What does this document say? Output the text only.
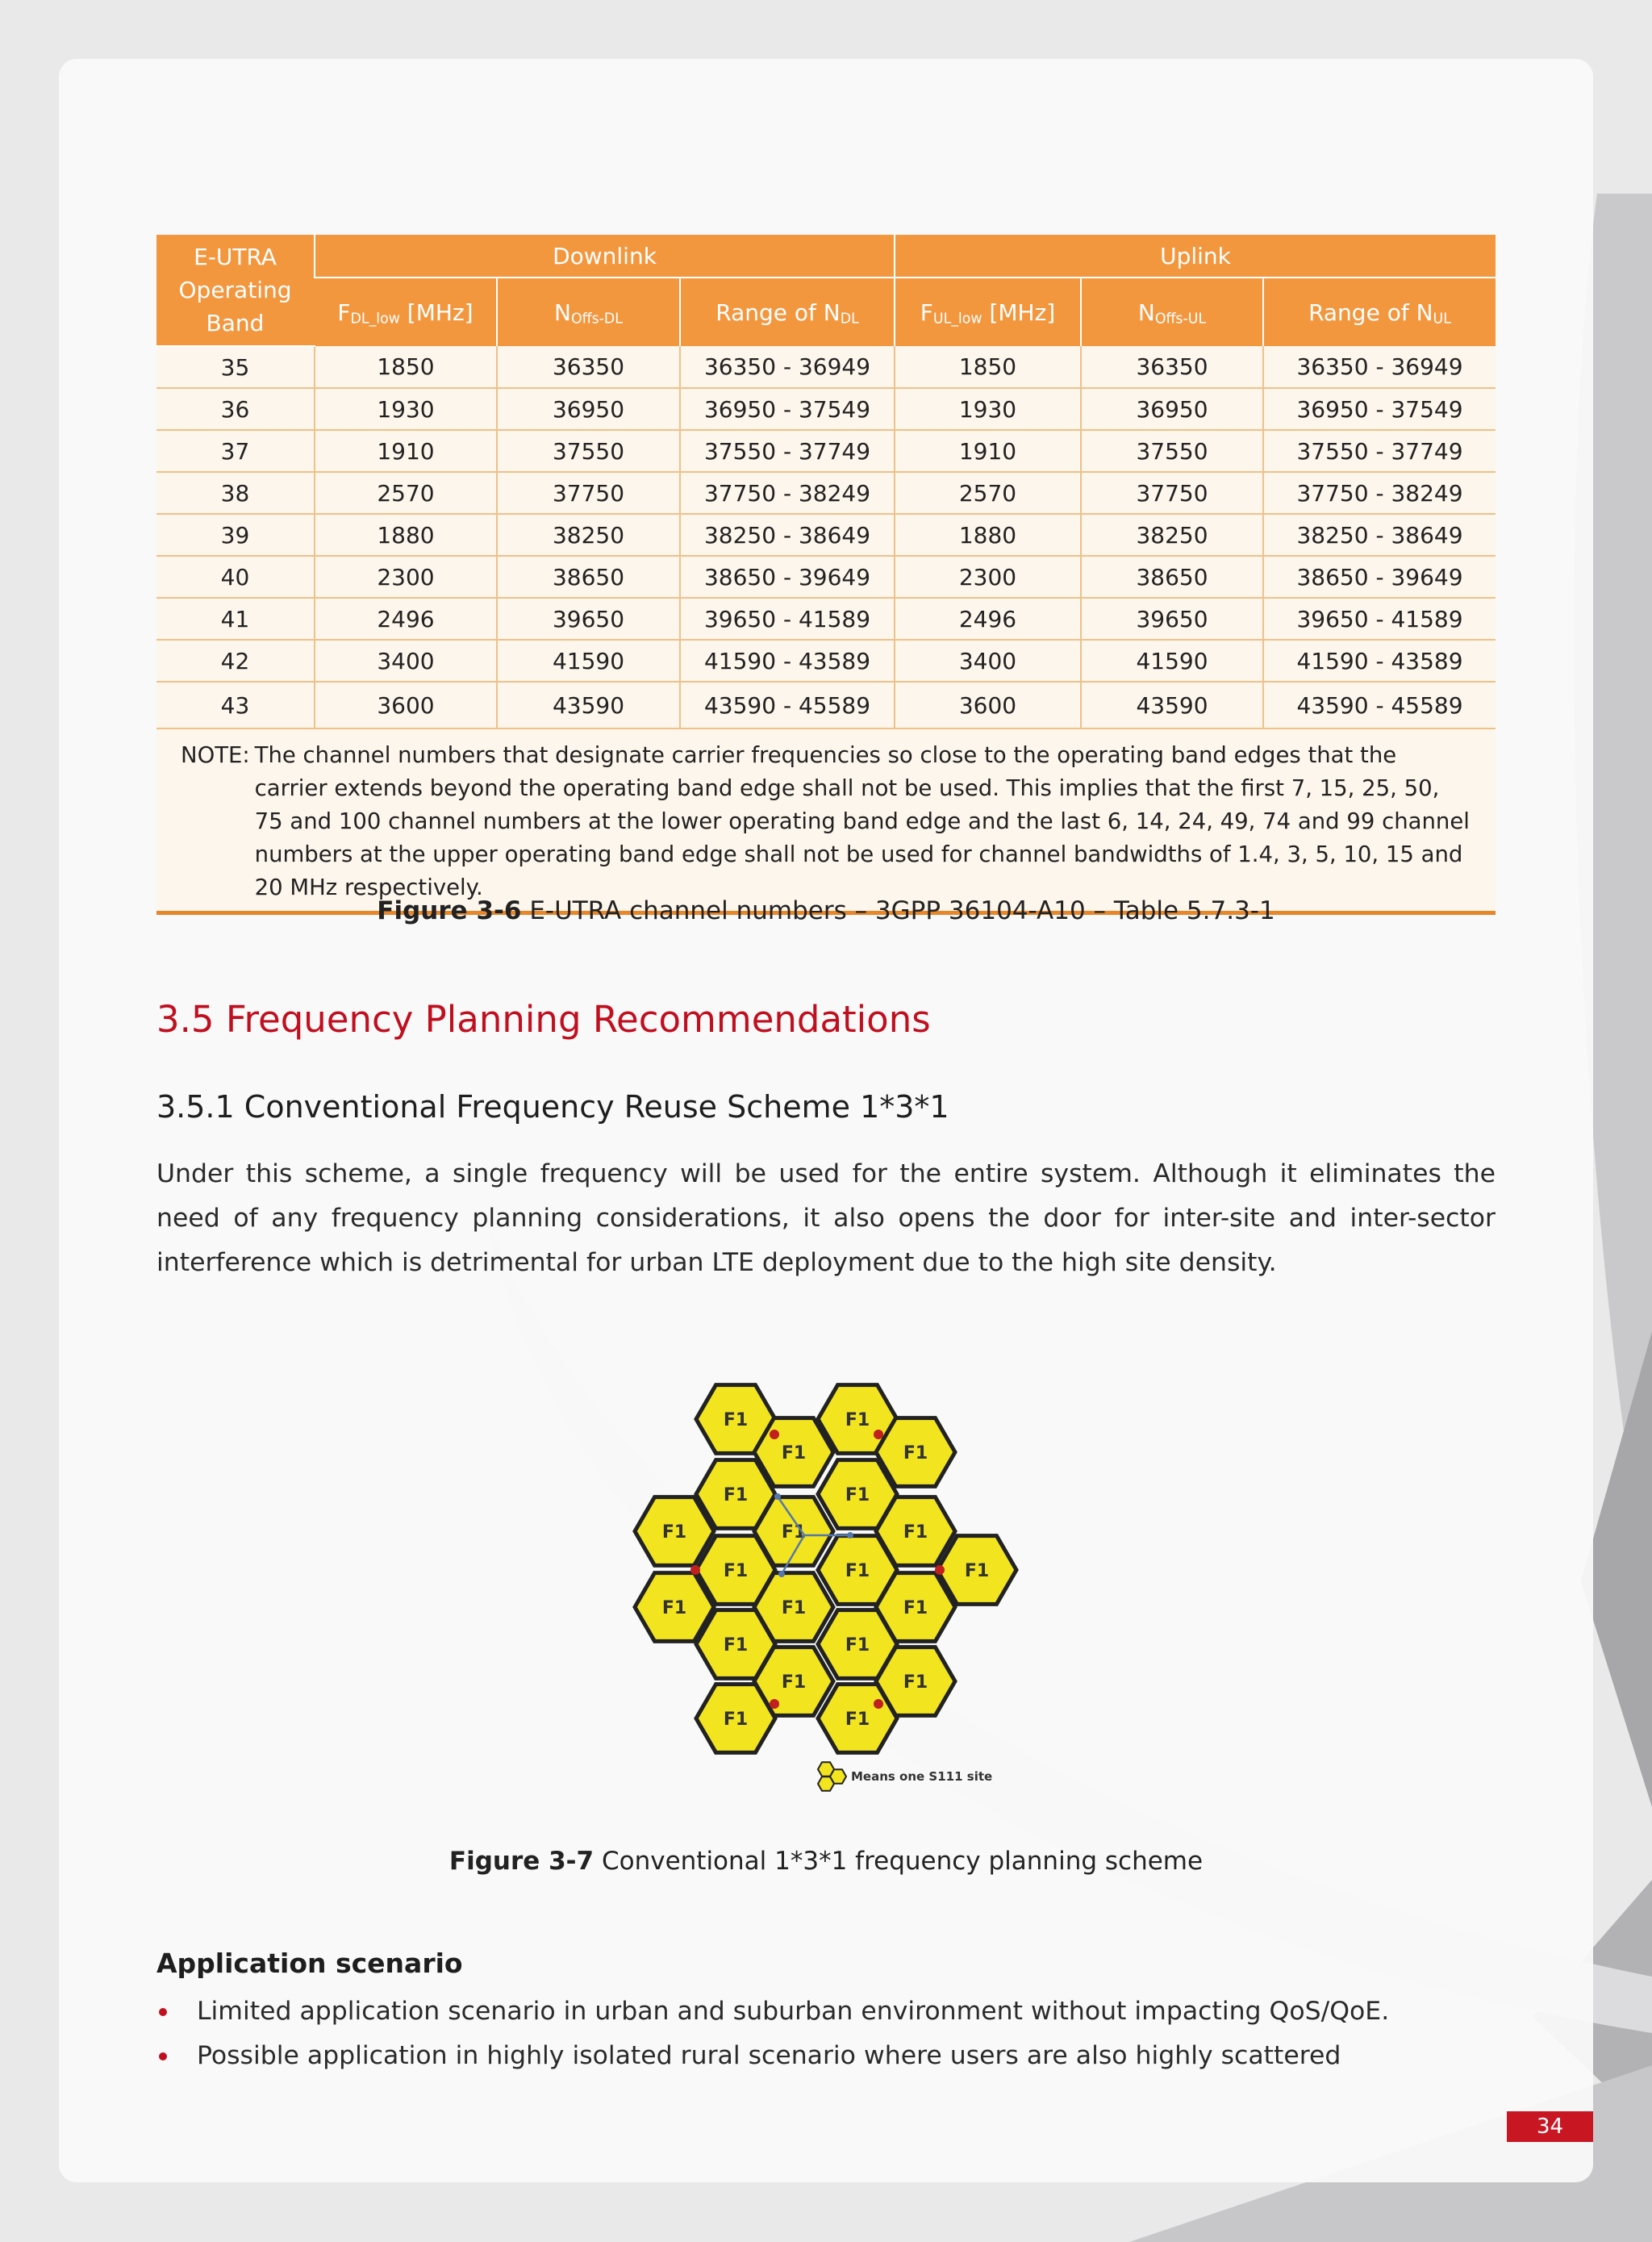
E-UTRA Operating Band	Downlink			Uplink		
	$F_{DL\_low}$ [MHz]	$N_{Offs-DL}$	Range of $N_{DL}$	$F_{UL\_low}$ [MHz]	$N_{Offs-UL}$	Range of $N_{UL}$
35	1850	36350	36350 - 36949	1850	36350	36350 - 36949
36	1930	36950	36950 - 37549	1930	36950	36950 - 37549
37	1910	37550	37550 - 37749	1910	37550	37550 - 37749
38	2570	37750	37750 - 38249	2570	37750	37750 - 38249
39	1880	38250	38250 - 38649	1880	38250	38250 - 38649
40	2300	38650	38650 - 39649	2300	38650	38650 - 39649
41	2496	39650	39650 - 41589	2496	39650	39650 - 41589
42	3400	41590	41590 - 43589	3400	41590	41590 - 43589
43	3600	43590	43590 - 45589	3600	43590	43590 - 45589

NOTE: The channel numbers that designate carrier frequencies so close to the operating band edges that the carrier extends beyond the operating band edge shall not be used. This implies that the first 7, 15, 25, 50, 75 and 100 channel numbers at the lower operating band edge and the last 6, 14, 24, 49, 74 and 99 channel numbers at the upper operating band edge shall not be used for channel bandwidths of 1.4, 3, 5, 10, 15 and 20 MHz respectively.						
Figure 3-6 E-UTRA channel numbers – 3GPP 36104-A10 – Table 5.7.3-1
3.5 Frequency Planning Recommendations
3.5.1 Conventional Frequency Reuse Scheme 1*3*1
Under this scheme, a single frequency will be used for the entire system. Although it eliminates the need of any frequency planning considerations, it also opens the door for inter-site and inter-sector interference which is detrimental for urban LTE deployment due to the high site density.
F1	F1
F1	F1
F1	F1
F1	F1	F1
F1	F1	F1
F1	F1	F1
F1	F1
F1	F1
F1	F1
Means one S111 site
Figure 3-7 Conventional 1*3*1 frequency planning scheme
Application scenario
Limited application scenario in urban and suburban environment without impacting QoS/QoE.
Possible application in highly isolated rural scenario where users are also highly scattered
34
